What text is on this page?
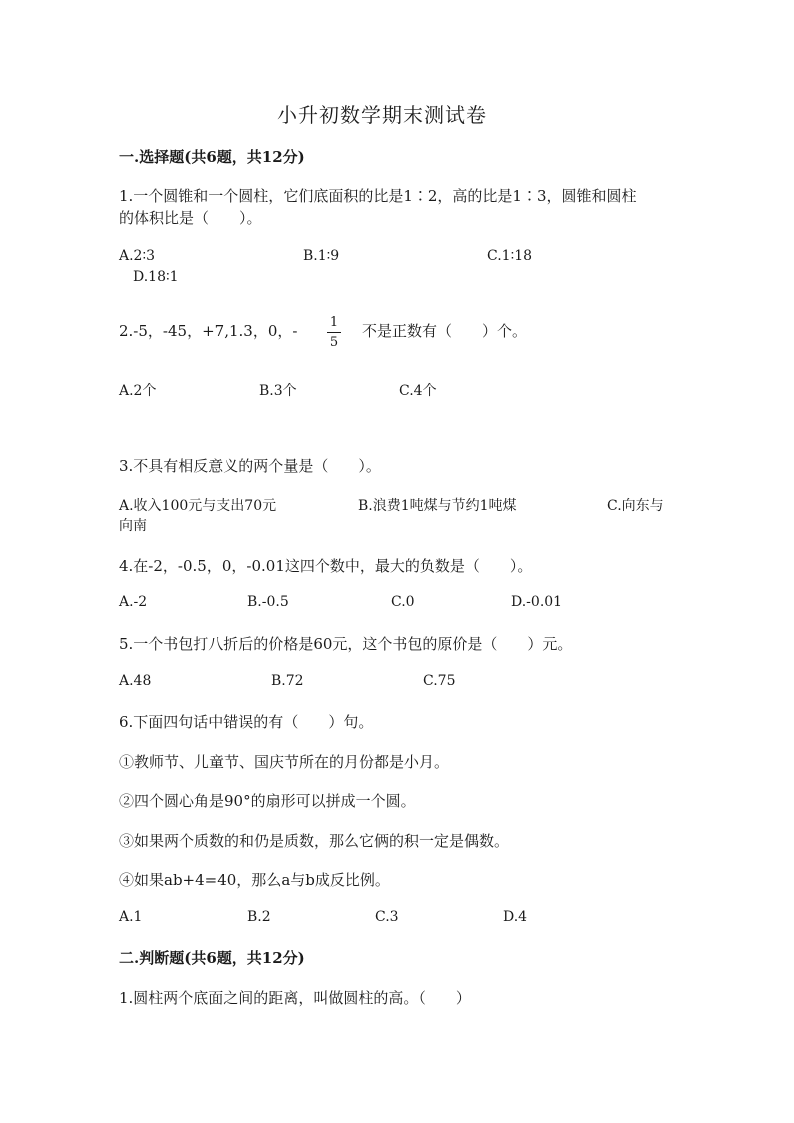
小升初数学期末测试卷
一.选择题(共6题，共12分)
1.一个圆锥和一个圆柱，它们底面积的比是1∶2，高的比是1∶3，圆锥和圆柱
的体积比是（　　）。
A.2∶3	B.1∶9	C.1∶18
D.18∶1
2.-5，-45，+7,1.3，0，- 1
5
不是正数有（　　）个。
A.2个	B.3个	C.4个
3.不具有相反意义的两个量是（　　）。
A.收入100元与支出70元	B.浪费1吨煤与节约1吨煤	C.向东与
向南
4.在-2，-0.5，0，-0.01这四个数中，最大的负数是（　　）。
A.-2	B.-0.5	C.0	D.-0.01
5.一个书包打八折后的价格是60元，这个书包的原价是（　　）元。
A.48	B.72	C.75
6.下面四句话中错误的有（　　）句。
①教师节、儿童节、国庆节所在的月份都是小月。
②四个圆心角是90°的扇形可以拼成一个圆。
③如果两个质数的和仍是质数，那么它俩的积一定是偶数。
④如果ab+4=40，那么a与b成反比例。
A.1	B.2	C.3	D.4
二.判断题(共6题，共12分)
1.圆柱两个底面之间的距离，叫做圆柱的高。（　　）
